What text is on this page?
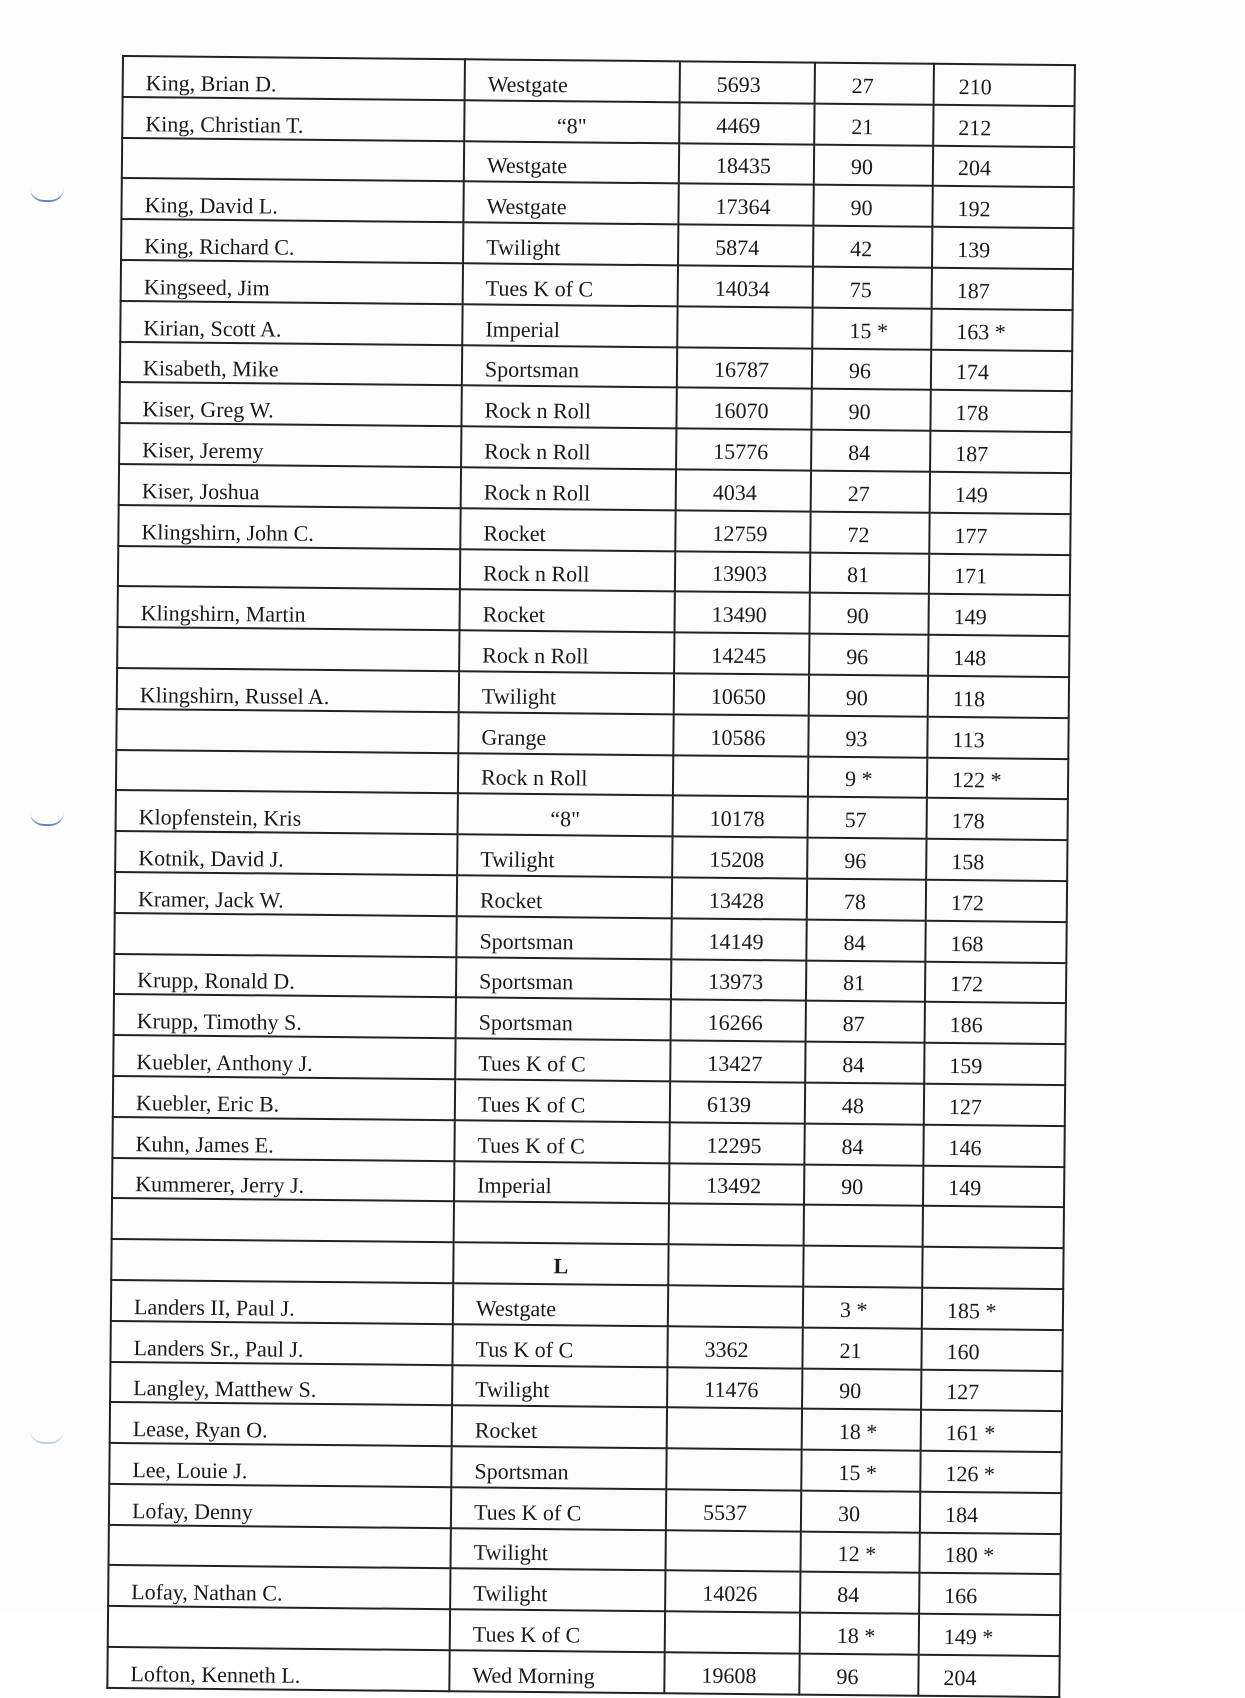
King, Brian D.	Westgate	5693	27	210
King, Christian T.	“8"	4469	21	212
	Westgate	18435	90	204
King, David L.	Westgate	17364	90	192
King, Richard C.	Twilight	5874	42	139
Kingseed, Jim	Tues K of C	14034	75	187
Kirian, Scott A.	Imperial		15 *	163 *
Kisabeth, Mike	Sportsman	16787	96	174
Kiser, Greg W.	Rock n Roll	16070	90	178
Kiser, Jeremy	Rock n Roll	15776	84	187
Kiser, Joshua	Rock n Roll	4034	27	149
Klingshirn, John C.	Rocket	12759	72	177
	Rock n Roll	13903	81	171
Klingshirn, Martin	Rocket	13490	90	149
	Rock n Roll	14245	96	148
Klingshirn, Russel A.	Twilight	10650	90	118
	Grange	10586	93	113
	Rock n Roll		9 *	122 *
Klopfenstein, Kris	“8"	10178	57	178
Kotnik, David J.	Twilight	15208	96	158
Kramer, Jack W.	Rocket	13428	78	172
	Sportsman	14149	84	168
Krupp, Ronald D.	Sportsman	13973	81	172
Krupp, Timothy S.	Sportsman	16266	87	186
Kuebler, Anthony J.	Tues K of C	13427	84	159
Kuebler, Eric B.	Tues K of C	6139	48	127
Kuhn, James E.	Tues K of C	12295	84	146
Kummerer, Jerry J.	Imperial	13492	90	149

	L			
Landers II, Paul J.	Westgate		3 *	185 *
Landers Sr., Paul J.	Tus K of C	3362	21	160
Langley, Matthew S.	Twilight	11476	90	127
Lease, Ryan O.	Rocket		18 *	161 *
Lee, Louie J.	Sportsman		15 *	126 *
Lofay, Denny	Tues K of C	5537	30	184
	Twilight		12 *	180 *
Lofay, Nathan C.	Twilight	14026	84	166
	Tues K of C		18 *	149 *
Lofton, Kenneth L.	Wed Morning	19608	96	204
